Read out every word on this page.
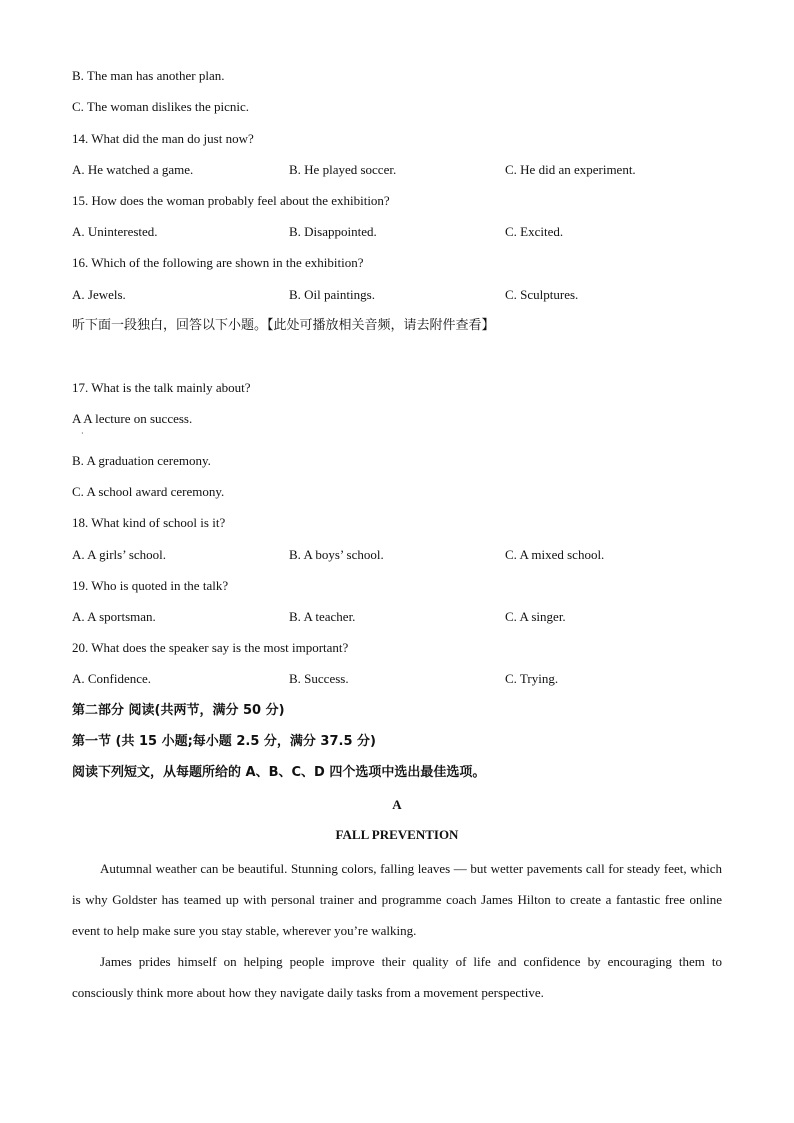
B. The man has another plan.
C. The woman dislikes the picnic.
14. What did the man do just now?
A. He watched a game.	B. He played soccer.	C. He did an experiment.
15. How does the woman probably feel about the exhibition?
A. Uninterested.	B. Disappointed.	C. Excited.
16. Which of the following are shown in the exhibition?
A. Jewels.	B. Oil paintings.	C. Sculptures.
听下面一段独白，回答以下小题。【此处可播放相关音频，请去附件查看】
17. What is the talk mainly about?
A A lecture on success.
·
B. A graduation ceremony.
C. A school award ceremony.
18. What kind of school is it?
A. A girls’ school.	B. A boys’ school.	C. A mixed school.
19. Who is quoted in the talk?
A. A sportsman.	B. A teacher.	C. A singer.
20. What does the speaker say is the most important?
A. Confidence.	B. Success.	C. Trying.
第二部分 阅读(共两节，满分 50 分)
第一节 (共 15 小题;每小题 2.5 分，满分 37.5 分)
阅读下列短文，从每题所给的 A、B、C、D 四个选项中选出最佳选项。
A
FALL PREVENTION
Autumnal weather can be beautiful. Stunning colors, falling leaves — but wetter pavements call for steady feet, which is why Goldster has teamed up with personal trainer and programme coach James Hilton to create a fantastic free online event to help make sure you stay stable, wherever you’re walking.
James prides himself on helping people improve their quality of life and confidence by encouraging them to consciously think more about how they navigate daily tasks from a movement perspective.
